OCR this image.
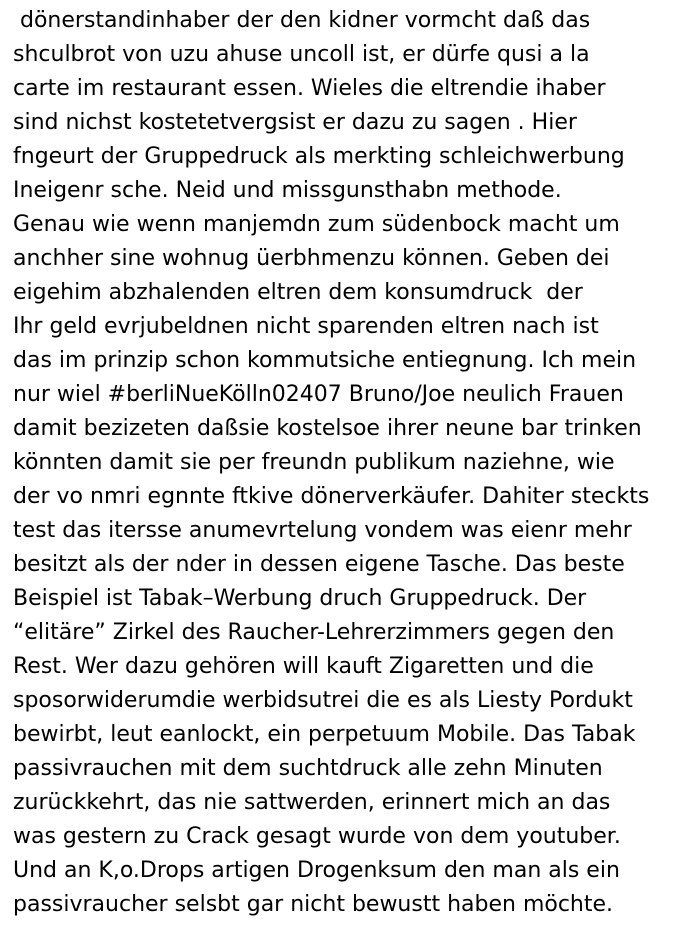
dönerstandinhaber der den kidner vormcht daß das
shculbrot von uzu ahuse uncoll ist, er dürfe qusi a la
carte im restaurant essen. Wieles die eltrendie ihaber
sind nichst kostetetvergsist er dazu zu sagen . Hier
fngeurt der Gruppedruck als merkting schleichwerbung
Ineigenr sche. Neid und missgunsthabn methode.
Genau wie wenn manjemdn zum südenbock macht um
anchher sine wohnug üerbhmenzu können. Geben dei
eigehim abzhalenden eltren dem konsumdruck  der
Ihr geld evrjubeldnen nicht sparenden eltren nach ist
das im prinzip schon kommutsiche entiegnung. Ich mein
nur wiel #berliNueKölln02407 Bruno/Joe neulich Frauen
damit bezizeten daßsie kostelsoe ihrer neune bar trinken
könnten damit sie per freundn publikum naziehne, wie
der vo nmri egnnte ftkive dönerverkäufer. Dahiter steckts
test das itersse anumevrtelung vondem was eienr mehr
besitzt als der nder in dessen eigene Tasche. Das beste
Beispiel ist Tabak–Werbung druch Gruppedruck. Der
“elitäre” Zirkel des Raucher-Lehrerzimmers gegen den
Rest. Wer dazu gehören will kauft Zigaretten und die
sposorwiderumdie werbidsutrei die es als Liesty Pordukt
bewirbt, leut eanlockt, ein perpetuum Mobile. Das Tabak
passivrauchen mit dem suchtdruck alle zehn Minuten
zurückkehrt, das nie sattwerden, erinnert mich an das
was gestern zu Crack gesagt wurde von dem youtuber.
Und an K,o.Drops artigen Drogenksum den man als ein
passivraucher selsbt gar nicht bewustt haben möchte.
